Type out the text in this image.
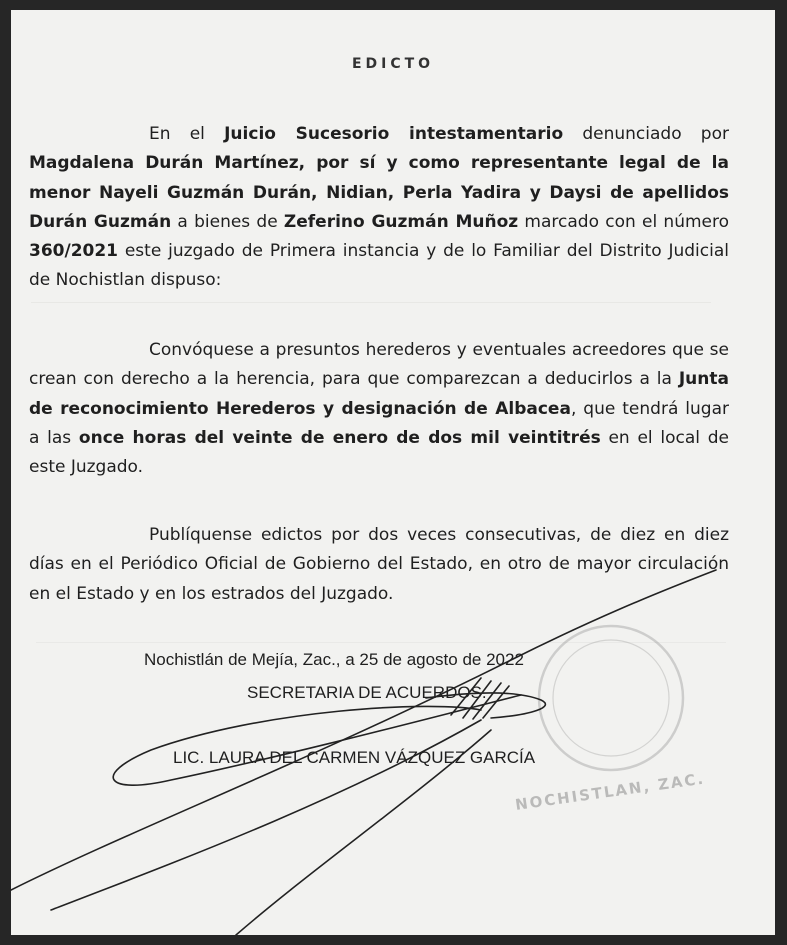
EDICTO
En el Juicio Sucesorio intestamentario denunciado por Magdalena Durán Martínez, por sí y como representante legal de la menor Nayeli Guzmán Durán, Nidian, Perla Yadira y Daysi de apellidos Durán Guzmán a bienes de Zeferino Guzmán Muñoz marcado con el número 360/2021 este juzgado de Primera instancia y de lo Familiar del Distrito Judicial de Nochistlan dispuso:
Convóquese a presuntos herederos y eventuales acreedores que se crean con derecho a la herencia, para que comparezcan a deducirlos a la Junta de reconocimiento Herederos y designación de Albacea, que tendrá lugar a las once horas del veinte de enero de dos mil veintitrés en el local de este Juzgado.
Publíquense edictos por dos veces consecutivas, de diez en diez días en el Periódico Oficial de Gobierno del Estado, en otro de mayor circulación en el Estado y en los estrados del Juzgado.
Nochistlán de Mejía, Zac., a 25 de agosto de 2022
SECRETARIA DE ACUERDOS.
LIC. LAURA DEL CARMEN VÁZQUEZ GARCÍA
NOCHISTLAN, ZAC.
